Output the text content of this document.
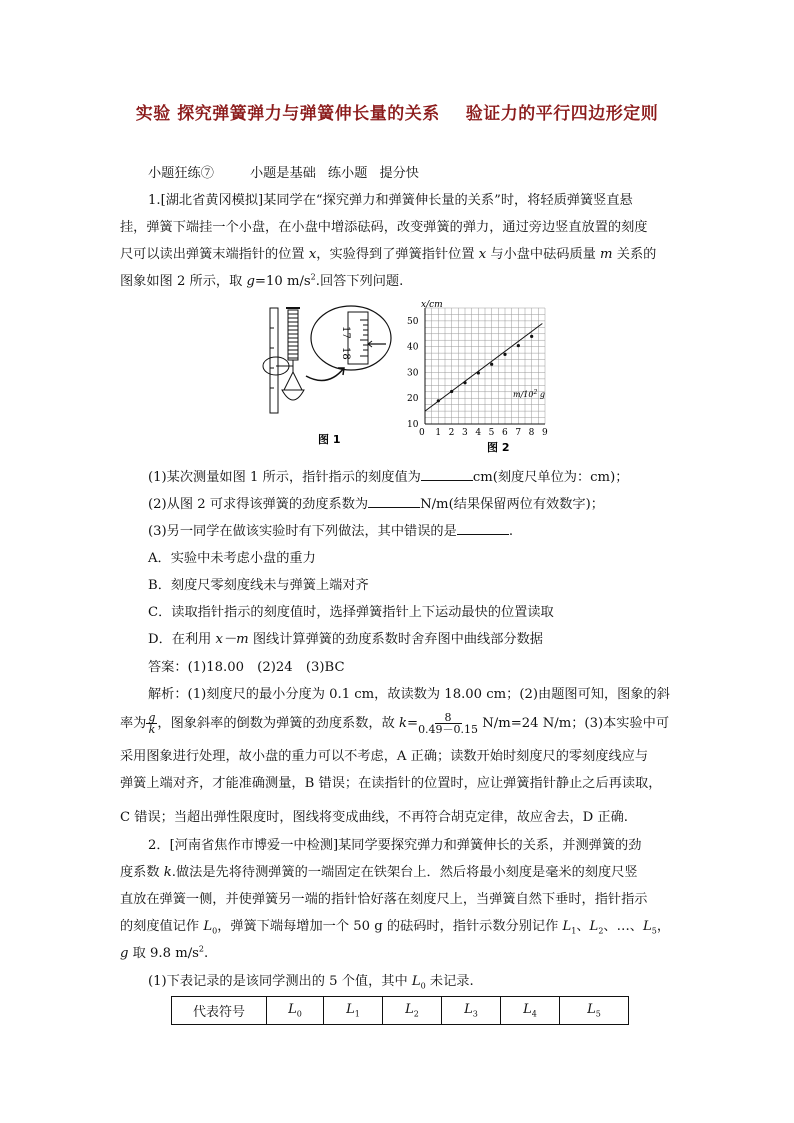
实验 探究弹簧弹力与弹簧伸长量的关系 验证力的平行四边形定则
小题狂练⑦	小题是基础 练小题 提分快
1.[湖北省黄冈模拟]某同学在“探究弹力和弹簧伸长量的关系”时，将轻质弹簧竖直悬
挂，弹簧下端挂一个小盘，在小盘中增添砝码，改变弹簧的弹力，通过旁边竖直放置的刻度
尺可以读出弹簧末端指针的位置 x，实验得到了弹簧指针位置 x 与小盘中砝码质量 m 关系的
图象如图 2 所示，取 g=10 $m/s^2$.回答下列问题.
17
18
图 1
x/cm
$m/10^2$ g
0 1 2 3 4 5 6 7 8 9
10
20
30
40
50
图 2
(1)某次测量如图 1 所示，指针指示的刻度值为	cm(刻度尺单位为：cm)；
(2)从图 2 可求得该弹簧的劲度系数为	N/m(结果保留两位有效数字)；
(3)另一同学在做该实验时有下列做法，其中错误的是	.
A．实验中未考虑小盘的重力
B．刻度尺零刻度线未与弹簧上端对齐
C．读取指针指示的刻度值时，选择弹簧指针上下运动最快的位置读取
D．在利用 x－m 图线计算弹簧的劲度系数时舍弃图中曲线部分数据
答案：(1)18.00　(2)24　(3)BC
解析：(1)刻度尺的最小分度为 0.1 cm，故读数为 18.00 cm；(2)由题图可知，图象的斜
率为 $\frac{g}{k}$ ，图象斜率的倒数为弹簧的劲度系数，故 $k= \frac{8}{0.49-0.15} N/m=24$ N/m；(3)本实验中可
采用图象进行处理，故小盘的重力可以不考虑，A 正确；读数开始时刻度尺的零刻度线应与
弹簧上端对齐，才能准确测量，B 错误；在读指针的位置时，应让弹簧指针静止之后再读取，
C 错误；当超出弹性限度时，图线将变成曲线，不再符合胡克定律，故应舍去，D 正确.
2．[河南省焦作市博爱一中检测]某同学要探究弹力和弹簧伸长的关系，并测弹簧的劲
度系数 k.做法是先将待测弹簧的一端固定在铁架台上．然后将最小刻度是毫米的刻度尺竖
直放在弹簧一侧，并使弹簧另一端的指针恰好落在刻度尺上，当弹簧自然下垂时，指针指示
的刻度值记作 $L_0$，弹簧下端每增加一个 50 g 的砝码时，指针示数分别记作 $L_1$、$L_2$、…、$L_5$，
g 取 9.8 $m/s^2$.
(1)下表记录的是该同学测出的 5 个值，其中 $L_0$ 未记录.
代表符号	$L_0$	$L_1$	$L_2$	$L_3$	$L_4$	$L_5$
